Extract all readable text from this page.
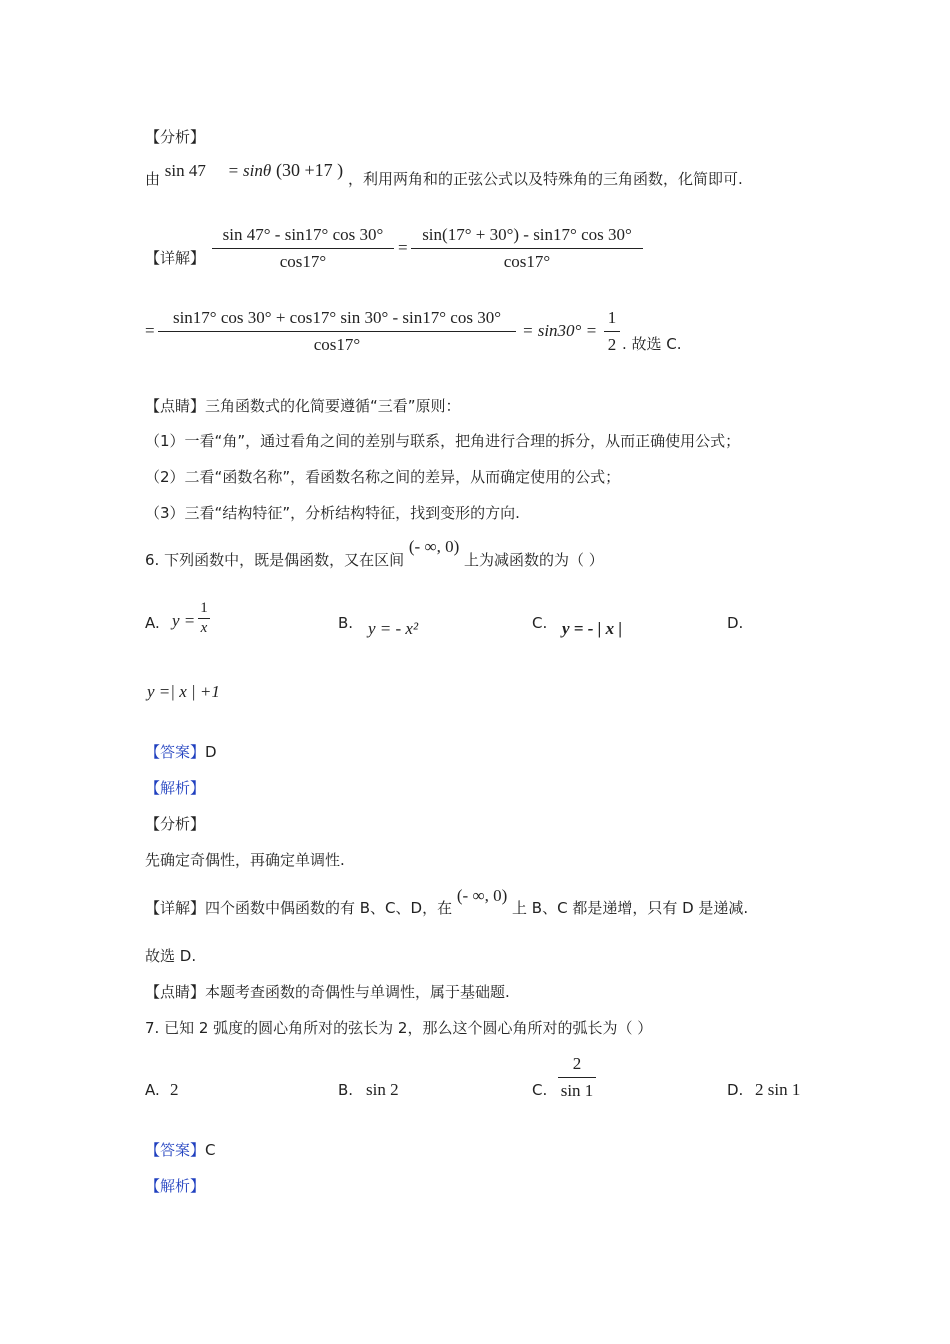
【分析】
由 sin 47 = sinθ (30 +17 ) ，利用两角和的正弦公式以及特殊角的三角函数，化简即可.
【详解】
sin 47° - sin17° cos 30°
cos17°
=
sin(17° + 30°) - sin17° cos 30°
cos17°
=
sin17° cos 30° + cos17° sin 30° - sin17° cos 30°
cos17°
= sin30° =
1
2 . 故选 C.
【点睛】三角函数式的化简要遵循“三看”原则：
（1）一看“角”，通过看角之间的差别与联系，把角进行合理的拆分，从而正确使用公式；
（2）二看“函数名称”，看函数名称之间的差异，从而确定使用的公式；
（3）三看“结构特征”，分析结构特征，找到变形的方向.
6. 下列函数中，既是偶函数，又在区间 (- ∞, 0) 上为减函数的为（ ）
A. y =
1
x	B. y = - x²	C. y = - | x |	D.
y =| x | +1
【答案】D
【解析】
【分析】
先确定奇偶性，再确定单调性.
【详解】四个函数中偶函数的有 B、C、D，在 (- ∞, 0) 上 B、C 都是递增，只有 D 是递减.
故选 D.
【点睛】本题考查函数的奇偶性与单调性，属于基础题.
7. 已知 2 弧度的圆心角所对的弦长为 2，那么这个圆心角所对的弧长为（ ）
A. 2	B. sin 2	C.
2
sin 1	D. 2 sin 1
【答案】C
【解析】
